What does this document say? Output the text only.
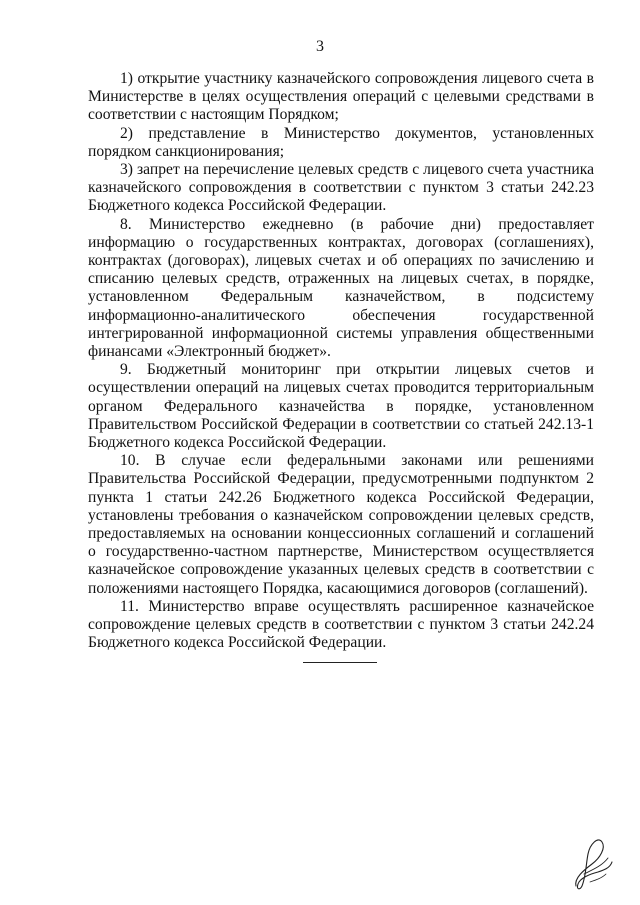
3

1) открытие участнику казначейского сопровождения лицевого счета в Министерстве в целях осуществления операций с целевыми средствами в соответствии с настоящим Порядком;

2) представление в Министерство документов, установленных порядком санкционирования;

3) запрет на перечисление целевых средств с лицевого счета участника казначейского сопровождения в соответствии с пунктом 3 статьи 242.23 Бюджетного кодекса Российской Федерации.

8. Министерство ежедневно (в рабочие дни) предоставляет информацию о государственных контрактах, договорах (соглашениях), контрактах (договорах), лицевых счетах и об операциях по зачислению и списанию целевых средств, отраженных на лицевых счетах, в порядке, установленном Федеральным казначейством, в подсистему информационно-аналитического обеспечения государственной интегрированной информационной системы управления общественными финансами «Электронный бюджет».

9. Бюджетный мониторинг при открытии лицевых счетов и осуществлении операций на лицевых счетах проводится территориальным органом Федерального казначейства в порядке, установленном Правительством Российской Федерации в соответствии со статьей 242.13-1 Бюджетного кодекса Российской Федерации.

10. В случае если федеральными законами или решениями Правительства Российской Федерации, предусмотренными подпунктом 2 пункта 1 статьи 242.26 Бюджетного кодекса Российской Федерации, установлены требования о казначейском сопровождении целевых средств, предоставляемых на основании концессионных соглашений и соглашений о государственно-частном партнерстве, Министерством осуществляется казначейское сопровождение указанных целевых средств в соответствии с положениями настоящего Порядка, касающимися договоров (соглашений).

11. Министерство вправе осуществлять расширенное казначейское сопровождение целевых средств в соответствии с пунктом 3 статьи 242.24 Бюджетного кодекса Российской Федерации.
